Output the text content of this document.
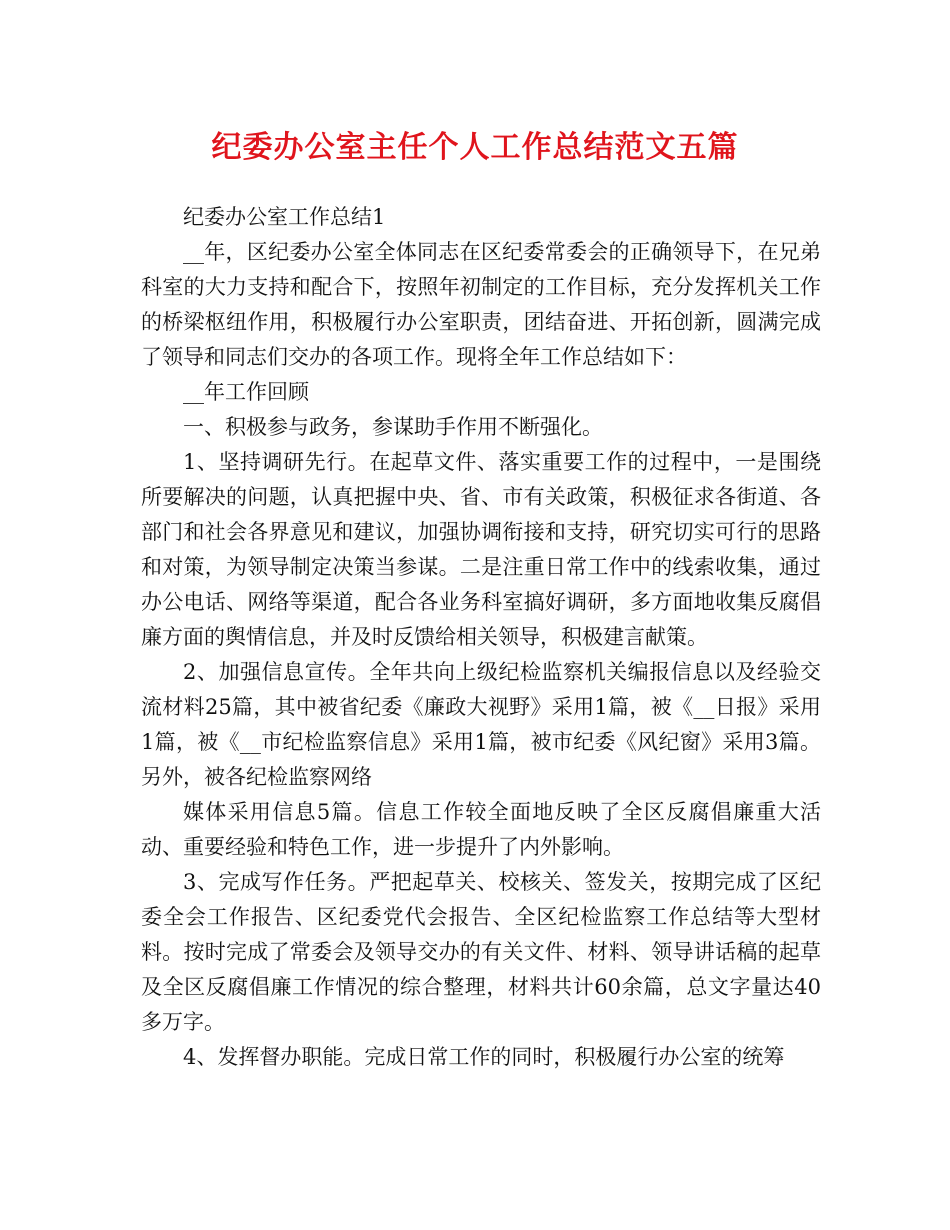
纪委办公室主任个人工作总结范文五篇

纪委办公室工作总结1

__年，区纪委办公室全体同志在区纪委常委会的正确领导下，在兄弟科室的大力支持和配合下，按照年初制定的工作目标，充分发挥机关工作的桥梁枢纽作用，积极履行办公室职责，团结奋进、开拓创新，圆满完成了领导和同志们交办的各项工作。现将全年工作总结如下：

__年工作回顾

一、积极参与政务，参谋助手作用不断强化。

1、坚持调研先行。在起草文件、落实重要工作的过程中，一是围绕所要解决的问题，认真把握中央、省、市有关政策，积极征求各街道、各部门和社会各界意见和建议，加强协调衔接和支持，研究切实可行的思路和对策，为领导制定决策当参谋。二是注重日常工作中的线索收集，通过办公电话、网络等渠道，配合各业务科室搞好调研，多方面地收集反腐倡廉方面的舆情信息，并及时反馈给相关领导，积极建言献策。

2、加强信息宣传。全年共向上级纪检监察机关编报信息以及经验交流材料25篇，其中被省纪委《廉政大视野》采用1篇，被《__日报》采用1篇，被《__市纪检监察信息》采用1篇，被市纪委《风纪窗》采用3篇。另外，被各纪检监察网络

媒体采用信息5篇。信息工作较全面地反映了全区反腐倡廉重大活动、重要经验和特色工作，进一步提升了内外影响。

3、完成写作任务。严把起草关、校核关、签发关，按期完成了区纪委全会工作报告、区纪委党代会报告、全区纪检监察工作总结等大型材料。按时完成了常委会及领导交办的有关文件、材料、领导讲话稿的起草及全区反腐倡廉工作情况的综合整理，材料共计60余篇，总文字量达40多万字。

4、发挥督办职能。完成日常工作的同时，积极履行办公室的统筹
